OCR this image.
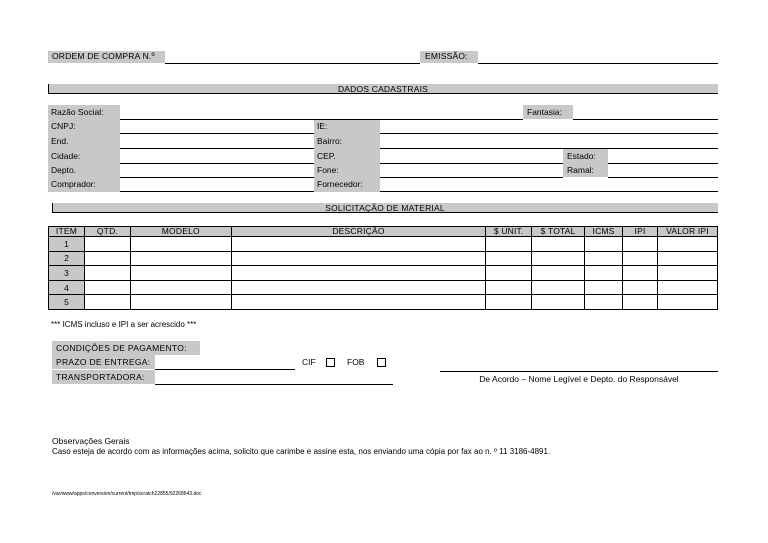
ORDEM DE COMPRA N.º	EMISSÃO:
DADOS CADASTRAIS
Razão Social:	Fantasia:
CNPJ:	IE:
End.	Bairro:
Cidade:	CEP.	Estado:
Depto.	Fone:	Ramal:
Comprador:	Fornecedor:
SOLICITAÇÃO DE MATERIAL
ITEM	QTD.	MODELO	DESCRIÇÃO	$ UNIT.	$ TOTAL	ICMS	IPI	VALOR IPI
1								
2								
3								
4								
5								
*** ICMS incluso e IPI a ser acrescido ***
CONDIÇÕES DE PAGAMENTO:
PRAZO DE ENTREGA:	CIF	FOB
TRANSPORTADORA:	De Acordo – Nome Legível e Depto. do Responsável
Observações Gerais
Caso esteja de acordo com as informações acima, solicito que carimbe e assine esta, nos enviando uma cópia por fax ao n. º 11 3186-4891.
/var/www/apps/conversion/current/tmp/scratch22855/92268643.doc
